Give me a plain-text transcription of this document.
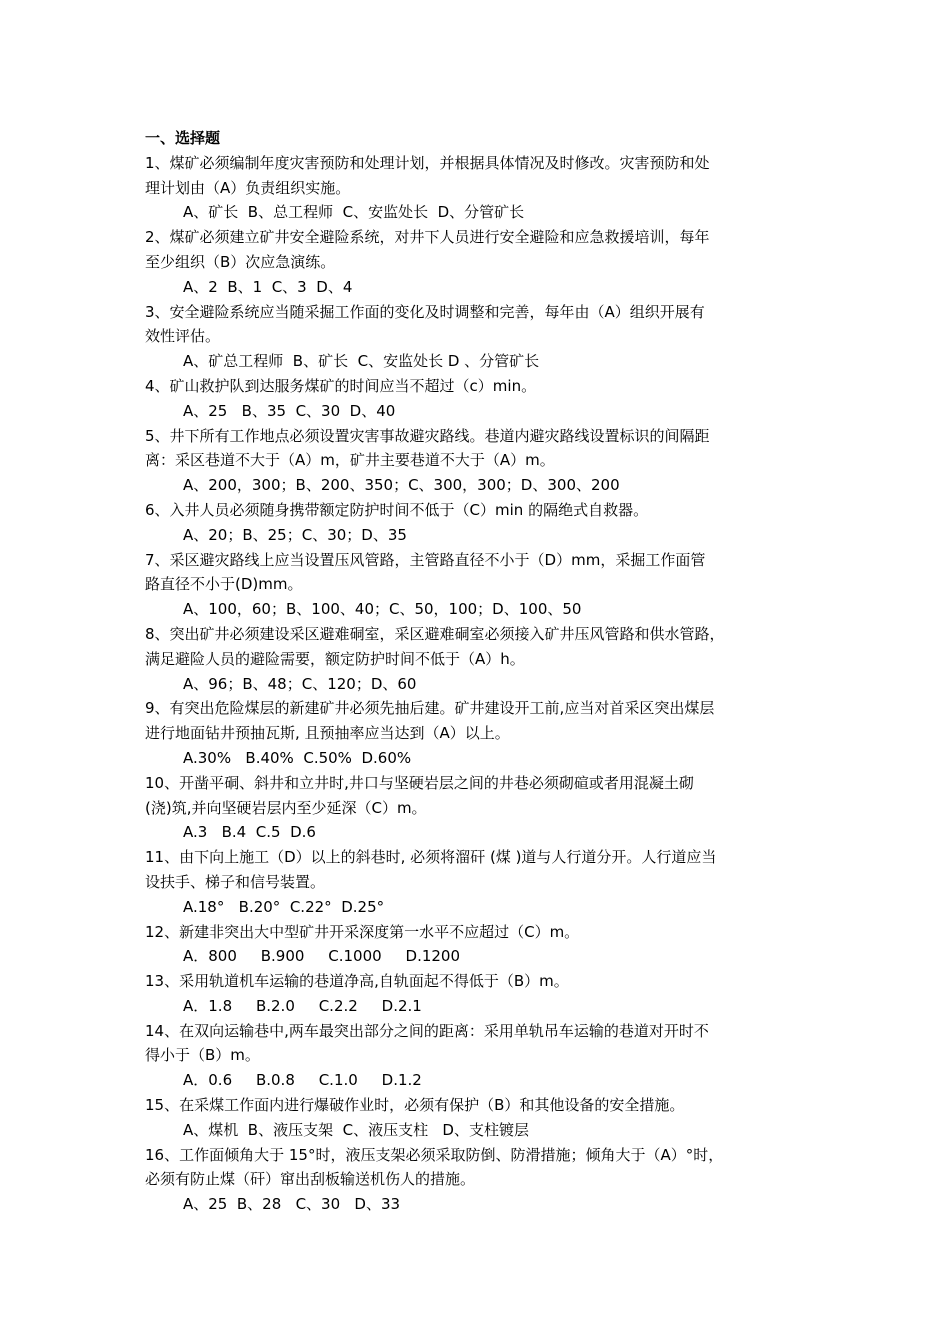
一、选择题

1、煤矿必须编制年度灾害预防和处理计划，并根据具体情况及时修改。灾害预防和处
理计划由（A）负责组织实施。

A、矿长  B、总工程师  C、安监处长  D、分管矿长

2、煤矿必须建立矿井安全避险系统，对井下人员进行安全避险和应急救援培训，每年
至少组织（B）次应急演练。

A、2  B、1  C、3  D、4

3、安全避险系统应当随采掘工作面的变化及时调整和完善，每年由（A）组织开展有
效性评估。

A、矿总工程师  B、矿长  C、安监处长 D 、分管矿长

4、矿山救护队到达服务煤矿的时间应当不超过（c）min。

A、25   B、35  C、30  D、40

5、井下所有工作地点必须设置灾害事故避灾路线。巷道内避灾路线设置标识的间隔距
离：采区巷道不大于（A）m，矿井主要巷道不大于（A）m。

A、200，300；B、200、350；C、300，300；D、300、200

6、入井人员必须随身携带额定防护时间不低于（C）min 的隔绝式自救器。

A、20；B、25；C、30；D、35

7、采区避灾路线上应当设置压风管路，主管路直径不小于（D）mm，采掘工作面管
路直径不小于(D)mm。

A、100，60；B、100、40；C、50，100；D、100、50

8、突出矿井必须建设采区避难硐室，采区避难硐室必须接入矿井压风管路和供水管路，
满足避险人员的避险需要，额定防护时间不低于（A）h。

A、96；B、48；C、120；D、60

9、有突出危险煤层的新建矿井必须先抽后建。矿井建设开工前,应当对首采区突出煤层
进行地面钻井预抽瓦斯, 且预抽率应当达到（A）以上。

A.30%   B.40%  C.50%  D.60%

10、开凿平硐、斜井和立井时,井口与坚硬岩层之间的井巷必须砌碹或者用混凝土砌
(浇)筑,并向坚硬岩层内至少延深（C）m。

A.3   B.4  C.5  D.6

11、由下向上施工（D）以上的斜巷时, 必须将溜矸 (煤 )道与人行道分开。人行道应当
设扶手、梯子和信号装置。

A.18°   B.20°  C.22°  D.25°

12、新建非突出大中型矿井开采深度第一水平不应超过（C）m。

A．800     B.900     C.1000     D.1200

13、采用轨道机车运输的巷道净高,自轨面起不得低于（B）m。

A．1.8     B.2.0     C.2.2     D.2.1

14、在双向运输巷中,两车最突出部分之间的距离：采用单轨吊车运输的巷道对开时不
得小于（B）m。

A．0.6     B.0.8     C.1.0     D.1.2

15、在采煤工作面内进行爆破作业时，必须有保护（B）和其他设备的安全措施。

A、煤机  B、液压支架  C、液压支柱   D、支柱镀层

16、工作面倾角大于 15°时，液压支架必须采取防倒、防滑措施；倾角大于（A）°时，
必须有防止煤（矸）窜出刮板输送机伤人的措施。

A、25  B、28   C、30   D、33
